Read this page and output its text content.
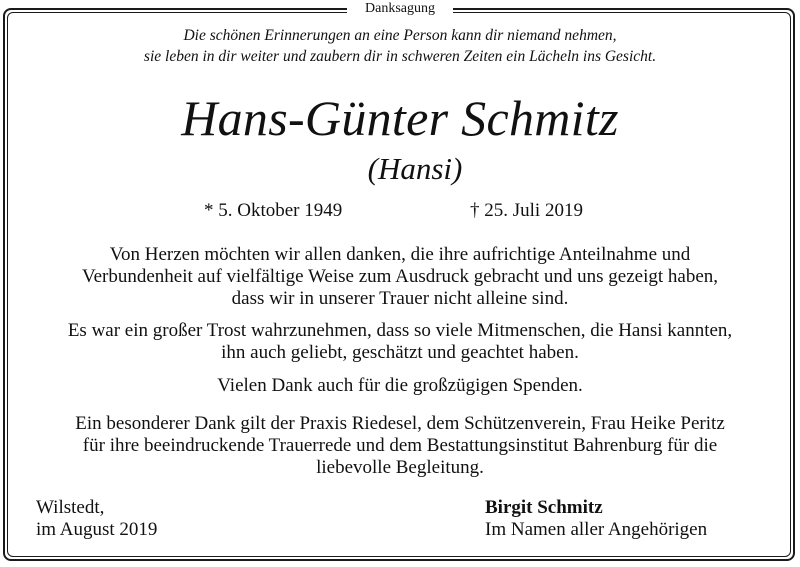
Danksagung
Die schönen Erinnerungen an eine Person kann dir niemand nehmen,
sie leben in dir weiter und zaubern dir in schweren Zeiten ein Lächeln ins Gesicht.
Hans-Günter Schmitz
(Hansi)
* 5. Oktober 1949	† 25. Juli 2019
Von Herzen möchten wir allen danken, die ihre aufrichtige Anteilnahme und
Verbundenheit auf vielfältige Weise zum Ausdruck gebracht und uns gezeigt haben,
dass wir in unserer Trauer nicht alleine sind.
Es war ein großer Trost wahrzunehmen, dass so viele Mitmenschen, die Hansi kannten,
ihn auch geliebt, geschätzt und geachtet haben.
Vielen Dank auch für die großzügigen Spenden.
Ein besonderer Dank gilt der Praxis Riedesel, dem Schützenverein, Frau Heike Peritz
für ihre beeindruckende Trauerrede und dem Bestattungsinstitut Bahrenburg für die
liebevolle Begleitung.
Wilstedt,
im August 2019
Birgit Schmitz
Im Namen aller Angehörigen
